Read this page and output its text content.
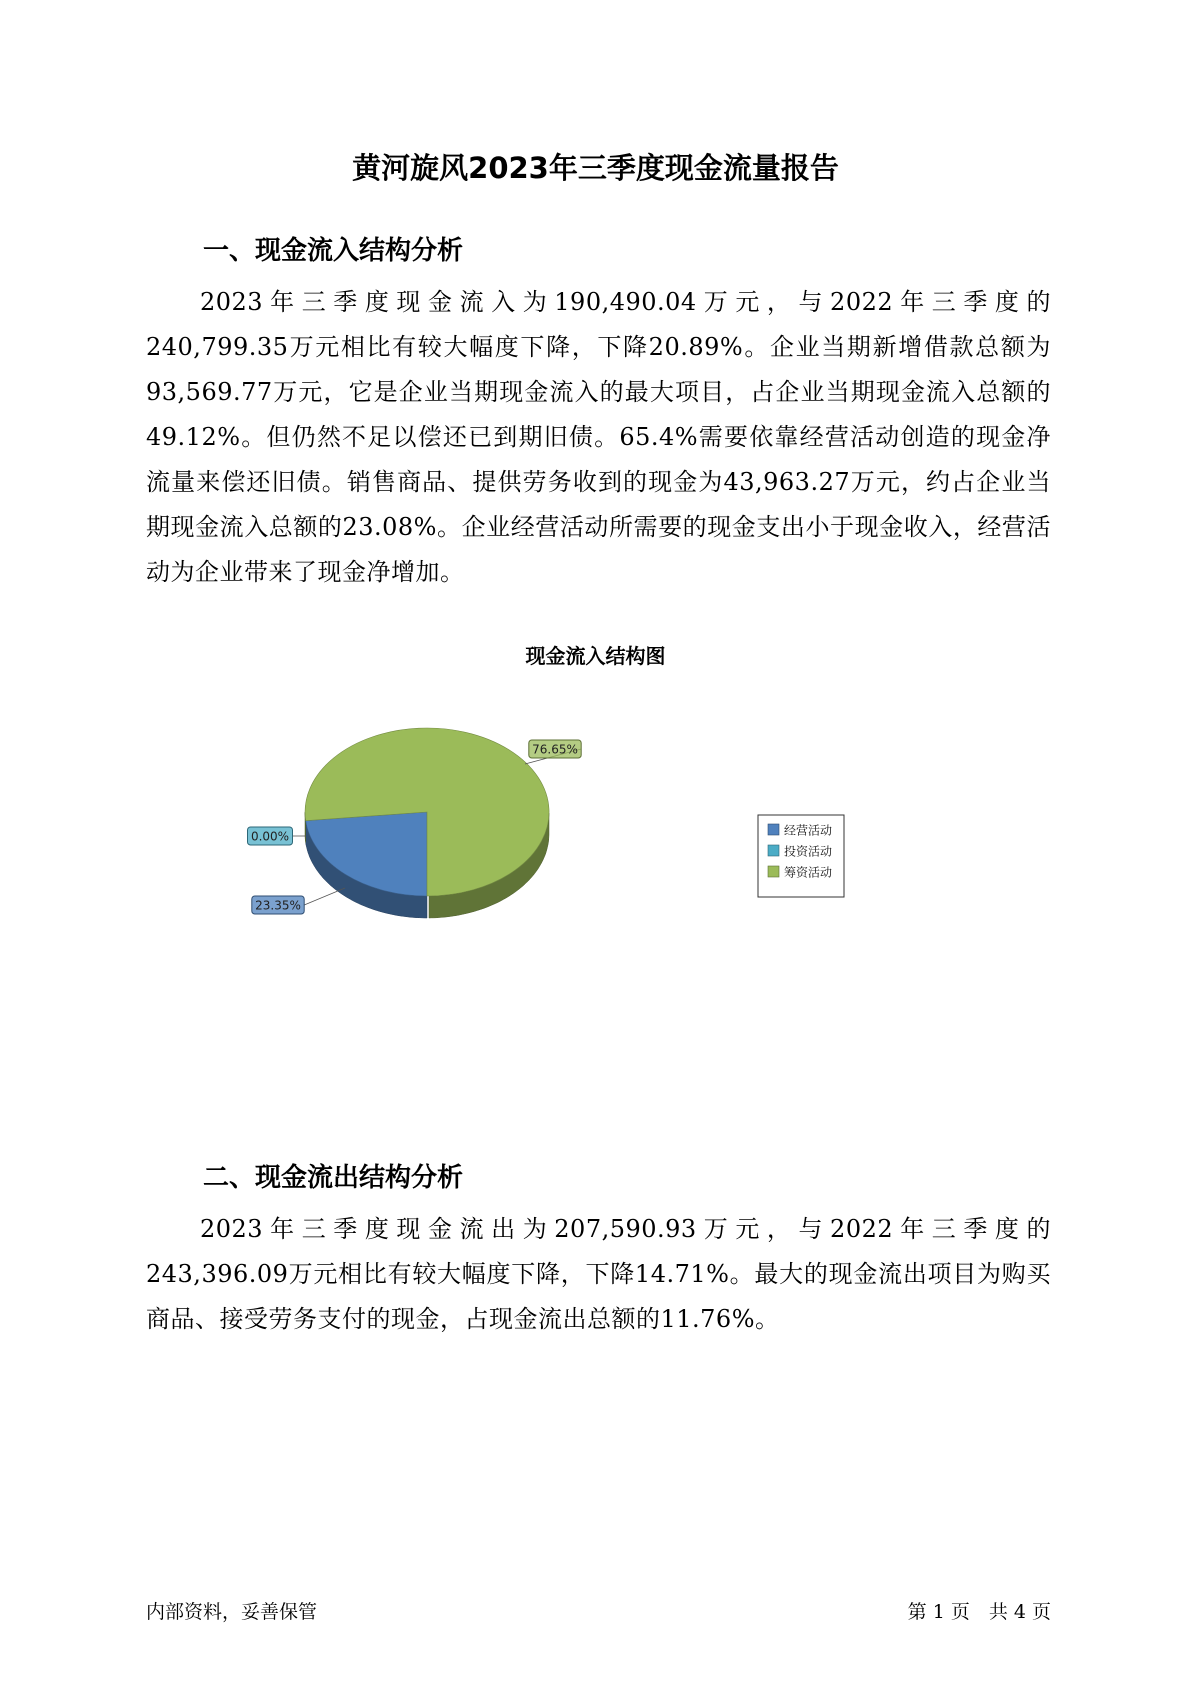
黄河旋风2023年三季度现金流量报告
一、现金流入结构分析

2023年三季度现金流入为190,490.04万元，与2022年三季度的240,799.35万元相比有较大幅度下降，下降20.89%。企业当期新增借款总额为93,569.77万元，它是企业当期现金流入的最大项目，占企业当期现金流入总额的49.12%。但仍然不足以偿还已到期旧债。65.4%需要依靠经营活动创造的现金净流量来偿还旧债。销售商品、提供劳务收到的现金为43,963.27万元，约占企业当期现金流入总额的23.08%。企业经营活动所需要的现金支出小于现金收入，经营活动为企业带来了现金净增加。

现金流入结构图
23.35%
0.00%
76.65%
经营活动
投资活动
筹资活动
二、现金流出结构分析

2023年三季度现金流出为207,590.93万元，与2022年三季度的243,396.09万元相比有较大幅度下降，下降14.71%。最大的现金流出项目为购买商品、接受劳务支付的现金，占现金流出总额的11.76%。

内部资料，妥善保管	第 1 页　共 4 页
